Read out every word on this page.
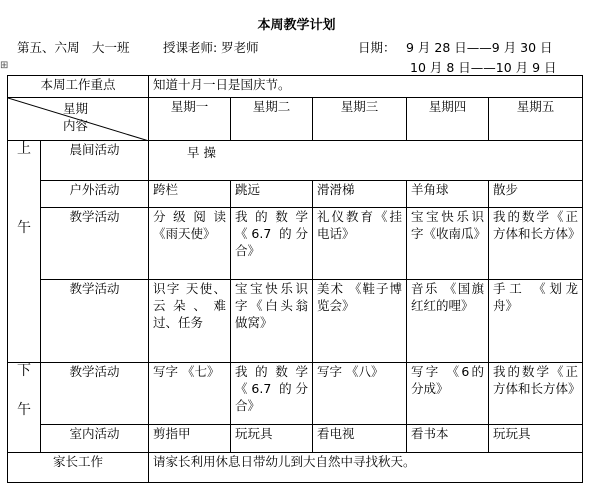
本周教学计划
第五、六周　大一班	授课老师: 罗老师	日期： 9 月 28 日——9 月 30 日
10 月 8 日——10 月 9 日
⊞
本周工作重点		知道十月一日是国庆节。				

星期
内容		星期一	星期二	星期三	星期四	星期五

上
午	晨间活动	早 操				
	户外活动	跨栏	跳远	滑滑梯	羊角球	散步
	教学活动	分级阅读《雨天使》	我的数学《6.7 的分合》	礼仪教育《挂电话》	宝宝快乐识字《收南瓜》	我的数学《正方体和长方体》
	教学活动	识字 天使、云朵、难过、任务	宝宝快乐识字《白头翁做窝》	美术 《鞋子博览会》	音乐 《国旗红红的哩》	手工 《划龙舟》

下
午	教学活动	写字 《七》	我的数学《6.7 的分合》	写字 《八》	写字 《6的分成》	我的数学《正方体和长方体》
	室内活动	剪指甲	玩玩具	看电视	看书本	玩玩具
家长工作		请家长利用休息日带幼儿到大自然中寻找秋天。				
